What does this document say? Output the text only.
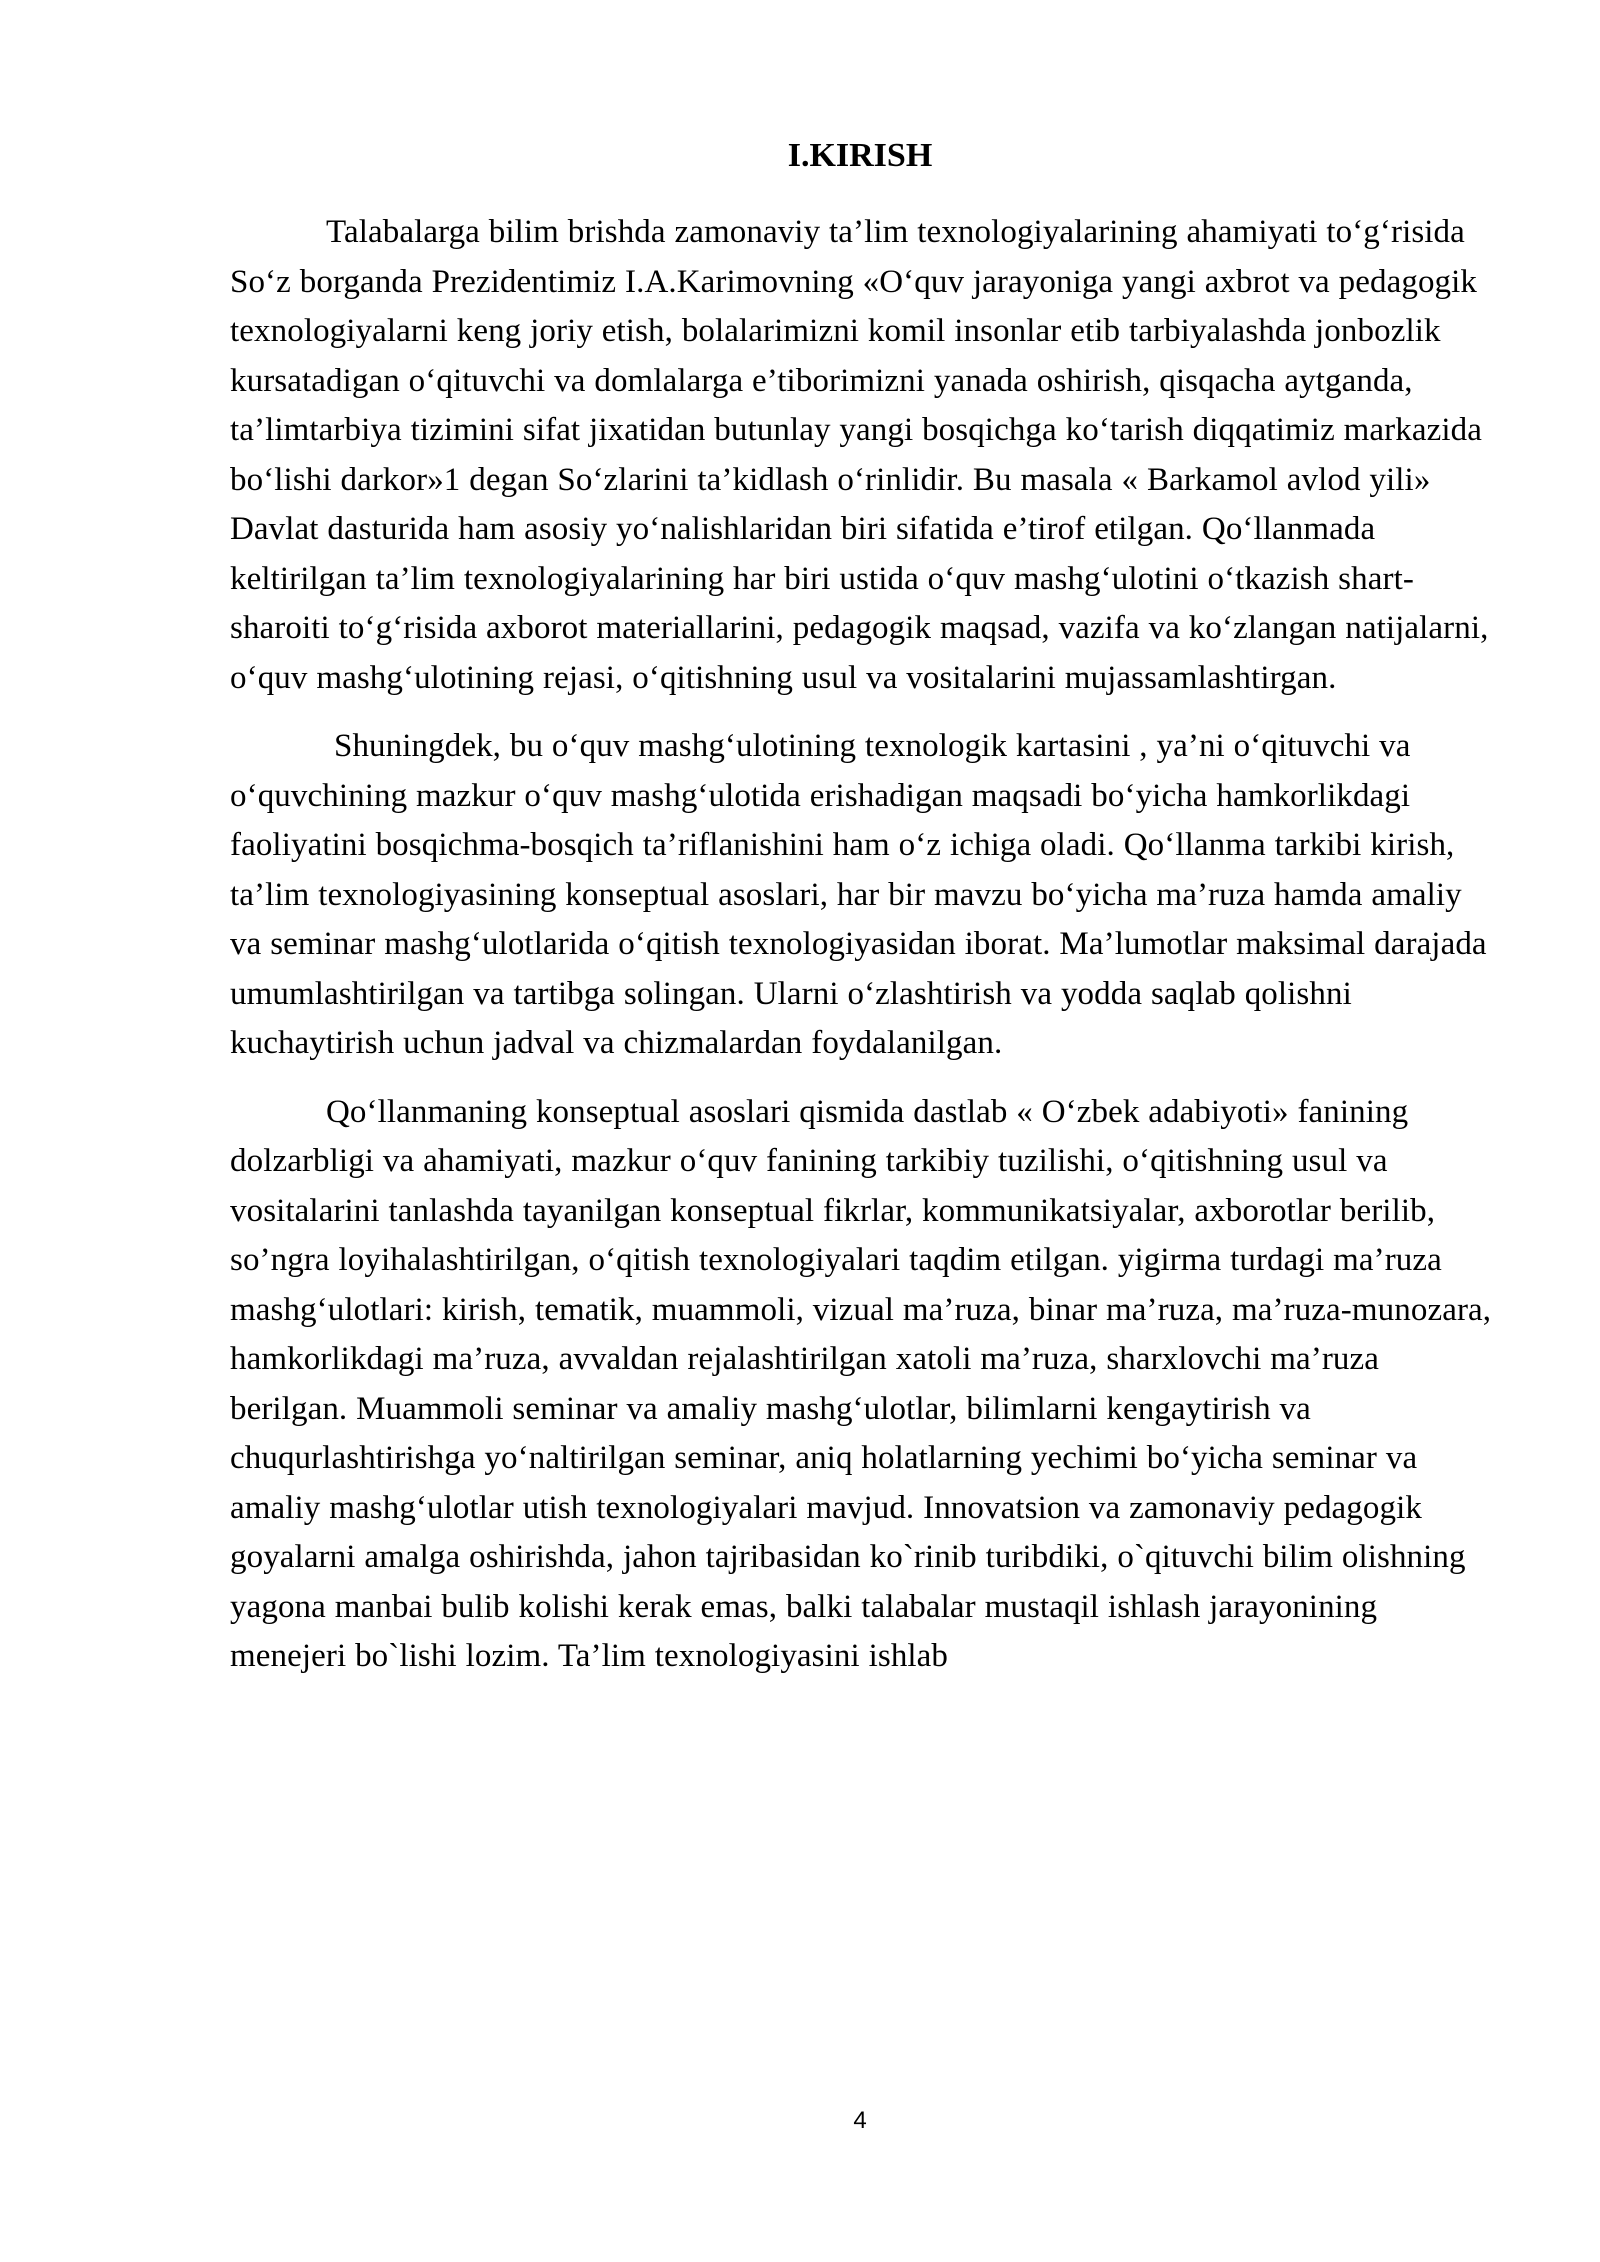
I.KIRISH

Talabalarga bilim brishda zamonaviy ta’lim texnologiyalarining ahamiyati to‘g‘risida So‘z borganda Prezidentimiz I.A.Karimovning «O‘quv jarayoniga yangi axbrot va pedagogik texnologiyalarni keng joriy etish, bolalarimizni komil insonlar etib tarbiyalashda jonbozlik kursatadigan o‘qituvchi va domlalarga e’tiborimizni yanada oshirish, qisqacha aytganda, ta’limtarbiya tizimini sifat jixatidan butunlay yangi bosqichga ko‘tarish diqqatimiz markazida bo‘lishi darkor»1 degan So‘zlarini ta’kidlash o‘rinlidir. Bu masala « Barkamol avlod yili» Davlat dasturida ham asosiy yo‘nalishlaridan biri sifatida e’tirof etilgan. Qo‘llanmada keltirilgan ta’lim texnologiyalarining har biri ustida o‘quv mashg‘ulotini o‘tkazish shart-sharoiti to‘g‘risida axborot materiallarini, pedagogik maqsad, vazifa va ko‘zlangan natijalarni, o‘quv mashg‘ulotining rejasi, o‘qitishning usul va vositalarini mujassamlashtirgan.

Shuningdek, bu o‘quv mashg‘ulotining texnologik kartasini , ya’ni o‘qituvchi va o‘quvchining mazkur o‘quv mashg‘ulotida erishadigan maqsadi bo‘yicha hamkorlikdagi faoliyatini bosqichma-bosqich ta’riflanishini ham o‘z ichiga oladi. Qo‘llanma tarkibi kirish, ta’lim texnologiyasining konseptual asoslari, har bir mavzu bo‘yicha ma’ruza hamda amaliy va seminar mashg‘ulotlarida o‘qitish texnologiyasidan iborat. Ma’lumotlar maksimal darajada umumlashtirilgan va tartibga solingan. Ularni o‘zlashtirish va yodda saqlab qolishni kuchaytirish uchun jadval va chizmalardan foydalanilgan.

Qo‘llanmaning konseptual asoslari qismida dastlab « O‘zbek adabiyoti» fanining dolzarbligi va ahamiyati, mazkur o‘quv fanining tarkibiy tuzilishi, o‘qitishning usul va vositalarini tanlashda tayanilgan konseptual fikrlar, kommunikatsiyalar, axborotlar berilib, so’ngra loyihalashtirilgan, o‘qitish texnologiyalari taqdim etilgan. yigirma turdagi ma’ruza mashg‘ulotlari: kirish, tematik, muammoli, vizual ma’ruza, binar ma’ruza, ma’ruza-munozara, hamkorlikdagi ma’ruza, avvaldan rejalashtirilgan xatoli ma’ruza, sharxlovchi ma’ruza berilgan. Muammoli seminar va amaliy mashg‘ulotlar, bilimlarni kengaytirish va chuqurlashtirishga yo‘naltirilgan seminar, aniq holatlarning yechimi bo‘yicha seminar va amaliy mashg‘ulotlar utish texnologiyalari mavjud. Innovatsion va zamonaviy pedagogik goyalarni amalga oshirishda, jahon tajribasidan ko`rinib turibdiki, o`qituvchi bilim olishning yagona manbai bulib kolishi kerak emas, balki talabalar mustaqil ishlash jarayonining menejeri bo`lishi lozim. Ta’lim texnologiyasini ishlab

4
